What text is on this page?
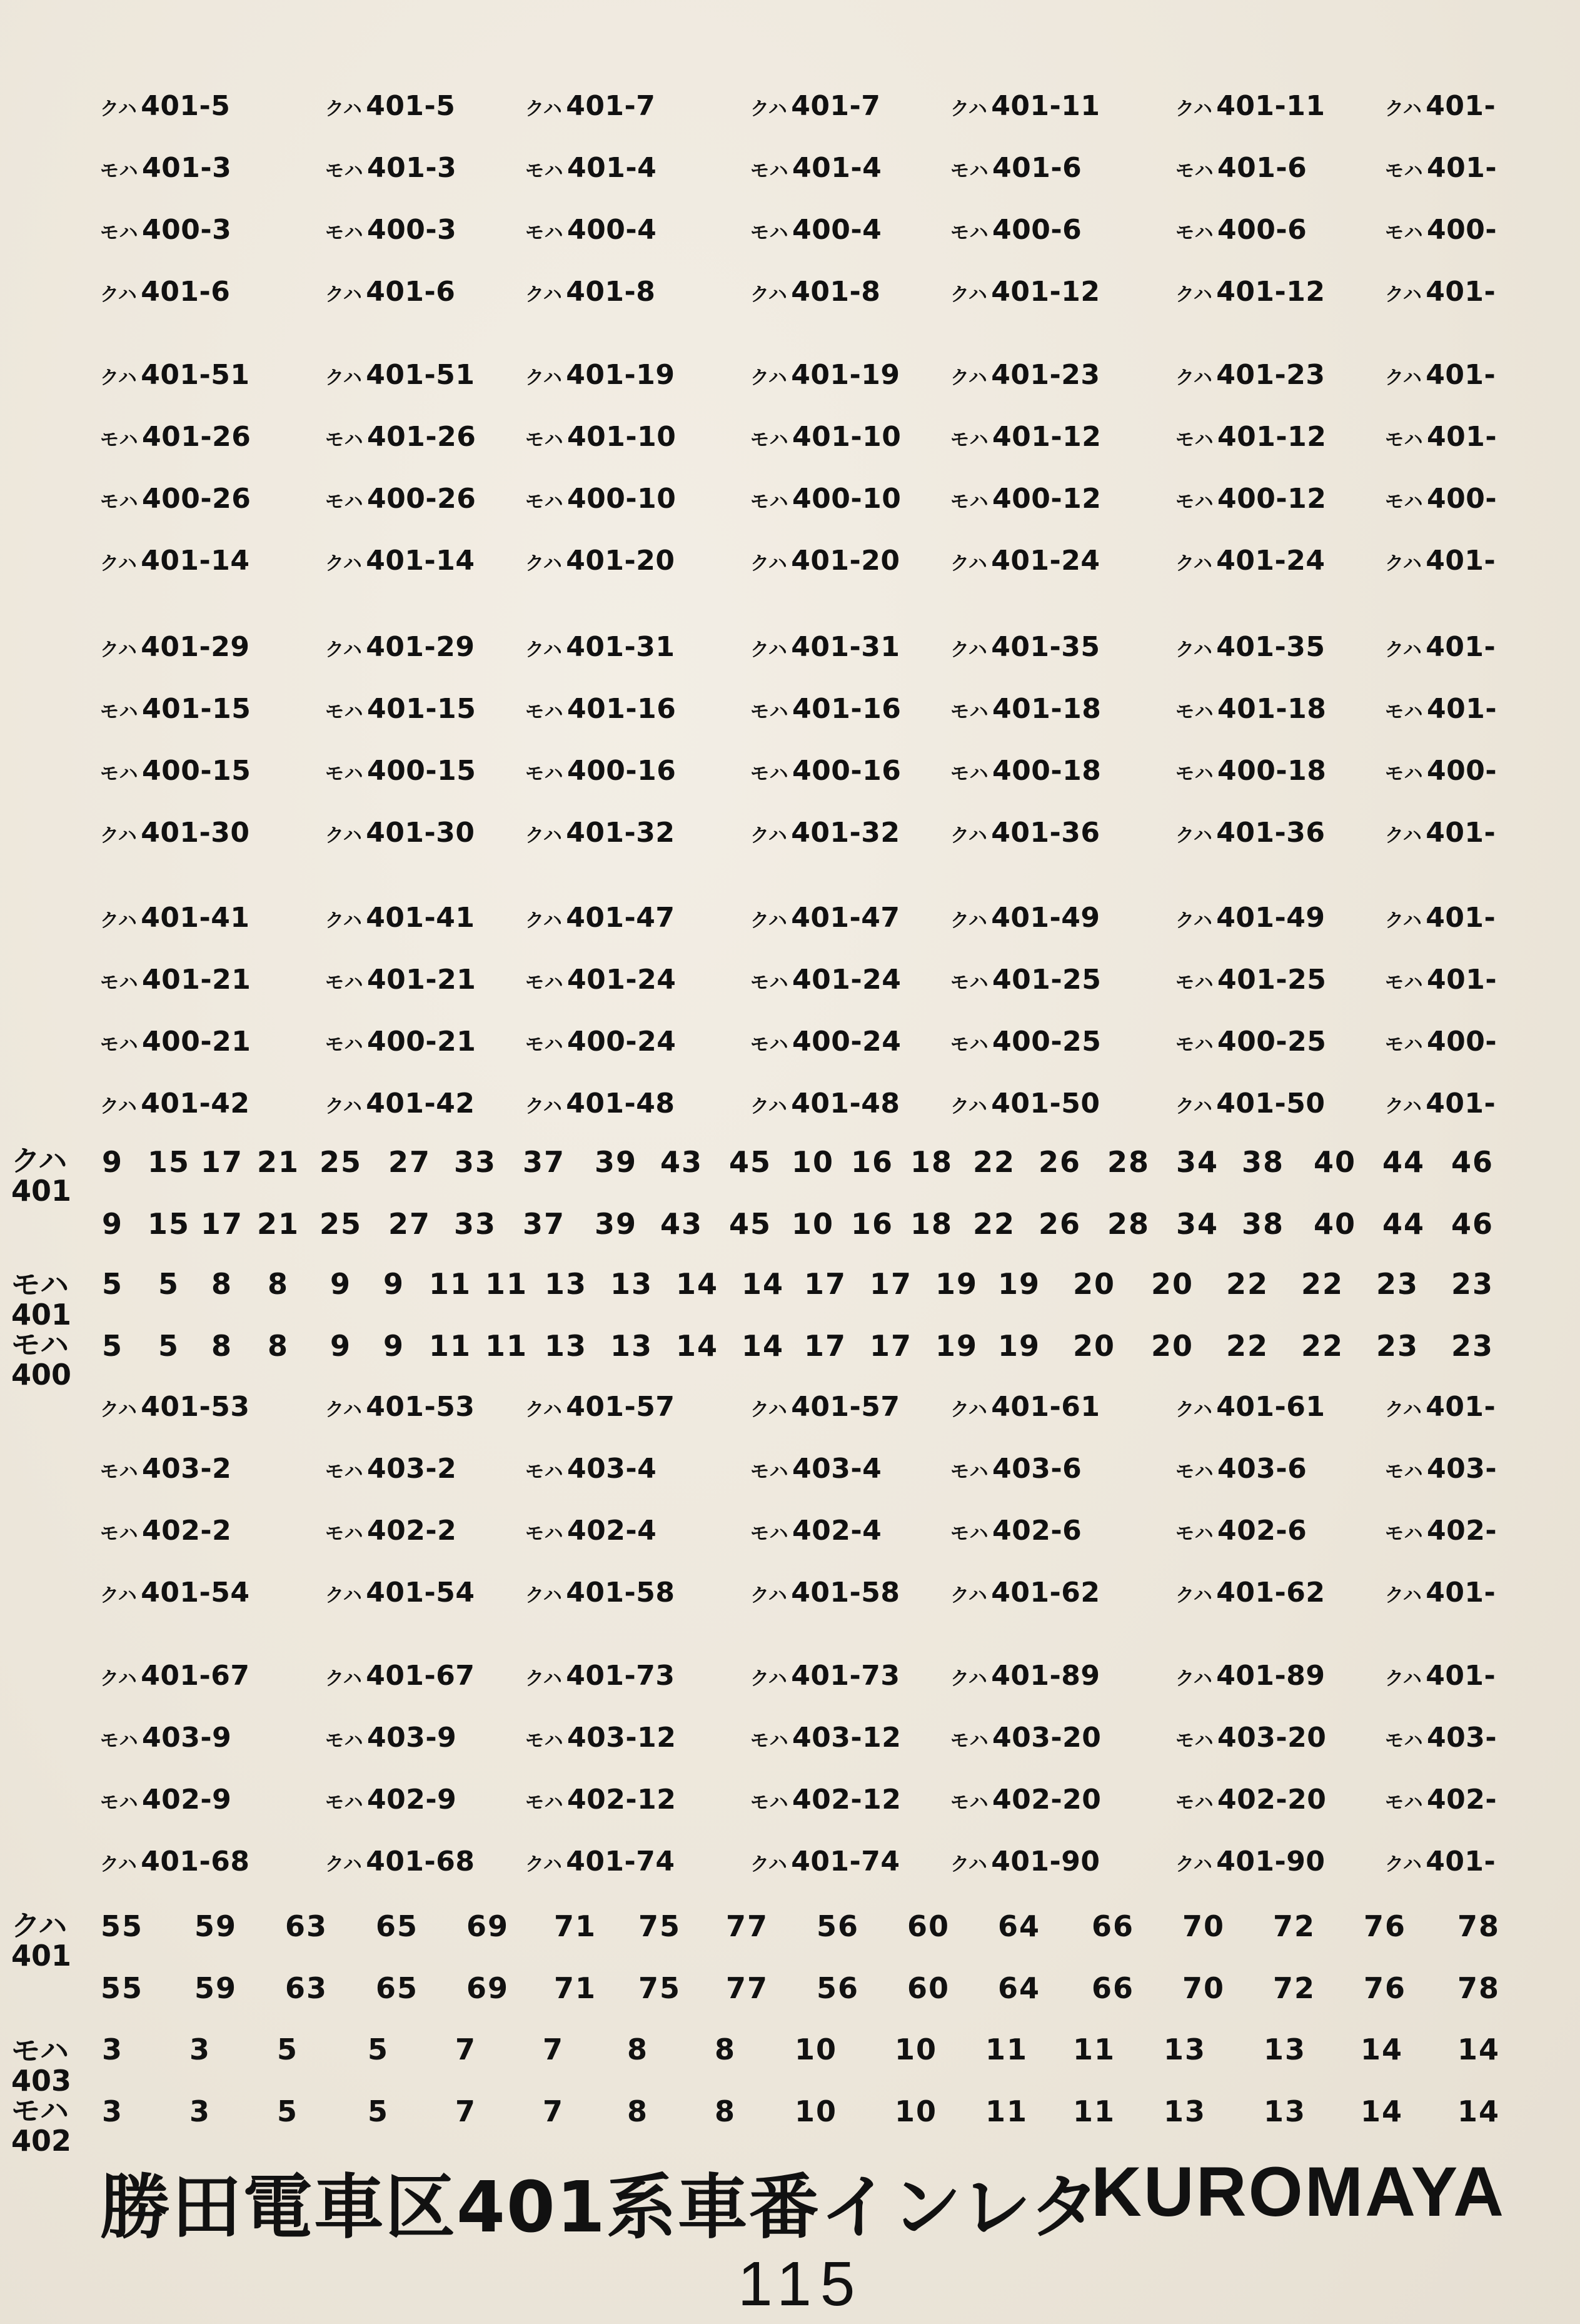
クハ 401-5	クハ 401-5	クハ 401-7	クハ 401-7	クハ 401-11	クハ 401-11	クハ 401-
モハ 401-3	モハ 401-3	モハ 401-4	モハ 401-4	モハ 401-6	モハ 401-6	モハ 401-
モハ 400-3	モハ 400-3	モハ 400-4	モハ 400-4	モハ 400-6	モハ 400-6	モハ 400-
クハ 401-6	クハ 401-6	クハ 401-8	クハ 401-8	クハ 401-12	クハ 401-12	クハ 401-
クハ 401-51	クハ 401-51	クハ 401-19	クハ 401-19	クハ 401-23	クハ 401-23	クハ 401-
モハ 401-26	モハ 401-26	モハ 401-10	モハ 401-10	モハ 401-12	モハ 401-12	モハ 401-
モハ 400-26	モハ 400-26	モハ 400-10	モハ 400-10	モハ 400-12	モハ 400-12	モハ 400-
クハ 401-14	クハ 401-14	クハ 401-20	クハ 401-20	クハ 401-24	クハ 401-24	クハ 401-
クハ 401-29	クハ 401-29	クハ 401-31	クハ 401-31	クハ 401-35	クハ 401-35	クハ 401-
モハ 401-15	モハ 401-15	モハ 401-16	モハ 401-16	モハ 401-18	モハ 401-18	モハ 401-
モハ 400-15	モハ 400-15	モハ 400-16	モハ 400-16	モハ 400-18	モハ 400-18	モハ 400-
クハ 401-30	クハ 401-30	クハ 401-32	クハ 401-32	クハ 401-36	クハ 401-36	クハ 401-
クハ 401-41	クハ 401-41	クハ 401-47	クハ 401-47	クハ 401-49	クハ 401-49	クハ 401-
モハ 401-21	モハ 401-21	モハ 401-24	モハ 401-24	モハ 401-25	モハ 401-25	モハ 401-
モハ 400-21	モハ 400-21	モハ 400-24	モハ 400-24	モハ 400-25	モハ 400-25	モハ 400-
クハ 401-42	クハ 401-42	クハ 401-48	クハ 401-48	クハ 401-50	クハ 401-50	クハ 401-
クハ 401-53	クハ 401-53	クハ 401-57	クハ 401-57	クハ 401-61	クハ 401-61	クハ 401-
モハ 403-2	モハ 403-2	モハ 403-4	モハ 403-4	モハ 403-6	モハ 403-6	モハ 403-
モハ 402-2	モハ 402-2	モハ 402-4	モハ 402-4	モハ 402-6	モハ 402-6	モハ 402-
クハ 401-54	クハ 401-54	クハ 401-58	クハ 401-58	クハ 401-62	クハ 401-62	クハ 401-
クハ 401-67	クハ 401-67	クハ 401-73	クハ 401-73	クハ 401-89	クハ 401-89	クハ 401-
モハ 403-9	モハ 403-9	モハ 403-12	モハ 403-12	モハ 403-20	モハ 403-20	モハ 403-
モハ 402-9	モハ 402-9	モハ 402-12	モハ 402-12	モハ 402-20	モハ 402-20	モハ 402-
クハ 401-68	クハ 401-68	クハ 401-74	クハ 401-74	クハ 401-90	クハ 401-90	クハ 401-
クハ
401
9 15 17 21 25 27 33 37	39 43 45 10 16 18 22 26 28 34 38	40 44 46
9 15 17 21 25 27 33 37	39 43 45 10 16 18 22 26 28 34 38	40 44 46
モハ
401
モハ
400
5	5	8	8	9	9 11 11 13 13 14 14 17 17 19 19	20	20	22	22	23	23
5	5	8	8	9	9 11 11 13 13 14 14 17 17 19 19	20	20	22	22	23	23
クハ
401
55	59	63	65	69	71	75	77	56	60	64	66	70	72	76	78
55	59	63	65	69	71	75	77	56	60	64	66	70	72	76	78
モハ
403
モハ
402
3	3	5	5	7	7	8	8	10	10	11	11	13	13	14	14
3	3	5	5	7	7	8	8	10	10	11	11	13	13	14	14
勝田電車区401系車番インレタ
KUROMAYA
115
